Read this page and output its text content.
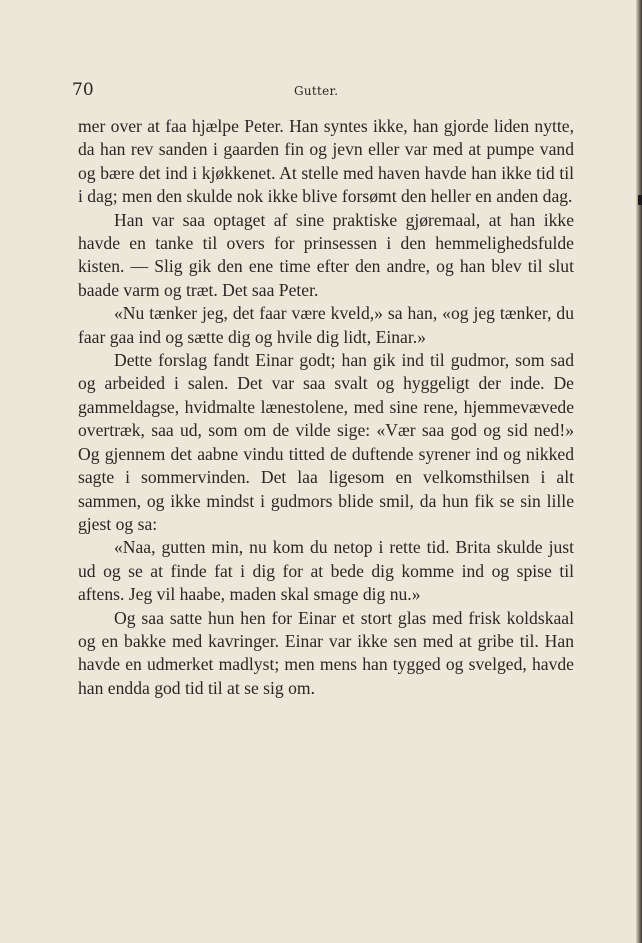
70	Gutter.

mer over at faa hjælpe Peter. Han syntes ikke, han gjorde liden nytte, da han rev sanden i gaarden fin og jevn eller var med at pumpe vand og bære det ind i kjøkkenet. At stelle med haven havde han ikke tid til i dag; men den skulde nok ikke blive forsømt den heller en anden dag.

Han var saa optaget af sine praktiske gjøremaal, at han ikke havde en tanke til overs for prinsessen i den hemmelighedsfulde kisten. — Slig gik den ene time efter den andre, og han blev til slut baade varm og træt. Det saa Peter.

«Nu tænker jeg, det faar være kveld,» sa han, «og jeg tænker, du faar gaa ind og sætte dig og hvile dig lidt, Einar.»

Dette forslag fandt Einar godt; han gik ind til gudmor, som sad og arbeided i salen. Det var saa svalt og hyggeligt der inde. De gammeldagse, hvidmalte lænestolene, med sine rene, hjemmevævede overtræk, saa ud, som om de vilde sige: «Vær saa god og sid ned!» Og gjennem det aabne vindu titted de duftende syrener ind og nikked sagte i sommervinden. Det laa ligesom en velkomsthilsen i alt sammen, og ikke mindst i gudmors blide smil, da hun fik se sin lille gjest og sa:

«Naa, gutten min, nu kom du netop i rette tid. Brita skulde just ud og se at finde fat i dig for at bede dig komme ind og spise til aftens. Jeg vil haabe, maden skal smage dig nu.»

Og saa satte hun hen for Einar et stort glas med frisk koldskaal og en bakke med kavringer. Einar var ikke sen med at gribe til. Han havde en udmerket madlyst; men mens han tygged og svelged, havde han endda god tid til at se sig om.
